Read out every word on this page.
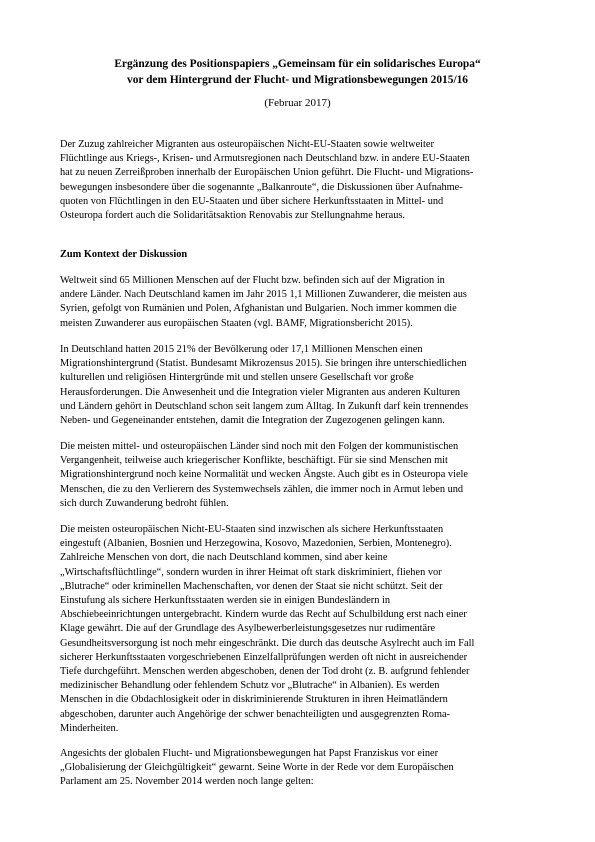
Ergänzung des Positionspapiers „Gemeinsam für ein solidarisches Europa“
vor dem Hintergrund der Flucht- und Migrationsbewegungen 2015/16
(Februar 2017)
Der Zuzug zahlreicher Migranten aus osteuropäischen Nicht-EU-Staaten sowie weltweiter
Flüchtlinge aus Kriegs-, Krisen- und Armutsregionen nach Deutschland bzw. in andere EU-Staaten
hat zu neuen Zerreißproben innerhalb der Europäischen Union geführt. Die Flucht- und Migrations-
bewegungen insbesondere über die sogenannte „Balkanroute“, die Diskussionen über Aufnahme-
quoten von Flüchtlingen in den EU-Staaten und über sichere Herkunftsstaaten in Mittel- und
Osteuropa fordert auch die Solidaritätsaktion Renovabis zur Stellungnahme heraus.
Zum Kontext der Diskussion
Weltweit sind 65 Millionen Menschen auf der Flucht bzw. befinden sich auf der Migration in
andere Länder. Nach Deutschland kamen im Jahr 2015 1,1 Millionen Zuwanderer, die meisten aus
Syrien, gefolgt von Rumänien und Polen, Afghanistan und Bulgarien. Noch immer kommen die
meisten Zuwanderer aus europäischen Staaten (vgl. BAMF, Migrationsbericht 2015).
In Deutschland hatten 2015 21% der Bevölkerung oder 17,1 Millionen Menschen einen
Migrationshintergrund (Statist. Bundesamt Mikrozensus 2015). Sie bringen ihre unterschiedlichen
kulturellen und religiösen Hintergründe mit und stellen unsere Gesellschaft vor große
Herausforderungen. Die Anwesenheit und die Integration vieler Migranten aus anderen Kulturen
und Ländern gehört in Deutschland schon seit langem zum Alltag. In Zukunft darf kein trennendes
Neben- und Gegeneinander entstehen, damit die Integration der Zugezogenen gelingen kann.
Die meisten mittel- und osteuropäischen Länder sind noch mit den Folgen der kommunistischen
Vergangenheit, teilweise auch kriegerischer Konflikte, beschäftigt. Für sie sind Menschen mit
Migrationshintergrund noch keine Normalität und wecken Ängste. Auch gibt es in Osteuropa viele
Menschen, die zu den Verlierern des Systemwechsels zählen, die immer noch in Armut leben und
sich durch Zuwanderung bedroht fühlen.
Die meisten osteuropäischen Nicht-EU-Staaten sind inzwischen als sichere Herkunftsstaaten
eingestuft (Albanien, Bosnien und Herzegowina, Kosovo, Mazedonien, Serbien, Montenegro).
Zahlreiche Menschen von dort, die nach Deutschland kommen, sind aber keine
„Wirtschaftsflüchtlinge“, sondern wurden in ihrer Heimat oft stark diskriminiert, fliehen vor
„Blutrache“ oder kriminellen Machenschaften, vor denen der Staat sie nicht schützt. Seit der
Einstufung als sichere Herkunftsstaaten werden sie in einigen Bundesländern in
Abschiebeeinrichtungen untergebracht. Kindern wurde das Recht auf Schulbildung erst nach einer
Klage gewährt. Die auf der Grundlage des Asylbewerberleistungsgesetzes nur rudimentäre
Gesundheitsversorgung ist noch mehr eingeschränkt. Die durch das deutsche Asylrecht auch im Fall
sicherer Herkunftsstaaten vorgeschriebenen Einzelfallprüfungen werden oft nicht in ausreichender
Tiefe durchgeführt. Menschen werden abgeschoben, denen der Tod droht (z. B. aufgrund fehlender
medizinischer Behandlung oder fehlendem Schutz vor „Blutrache“ in Albanien). Es werden
Menschen in die Obdachlosigkeit oder in diskriminierende Strukturen in ihren Heimatländern
abgeschoben, darunter auch Angehörige der schwer benachteiligten und ausgegrenzten Roma-
Minderheiten.
Angesichts der globalen Flucht- und Migrationsbewegungen hat Papst Franziskus vor einer
„Globalisierung der Gleichgültigkeit“ gewarnt. Seine Worte in der Rede vor dem Europäischen
Parlament am 25. November 2014 werden noch lange gelten:
